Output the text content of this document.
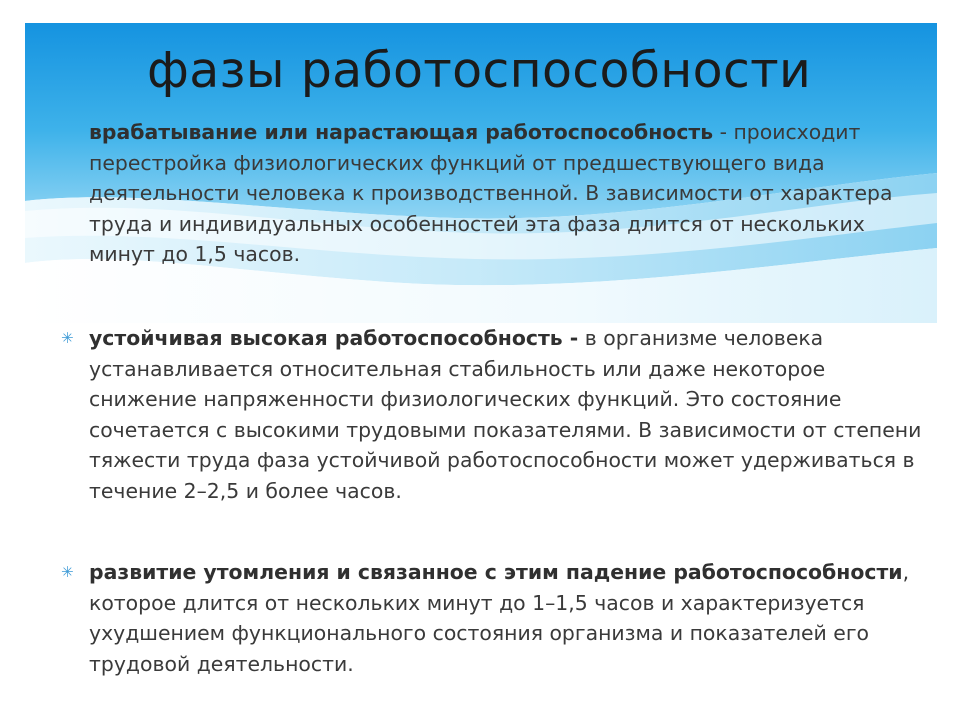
фазы работоспособности
врабатывание или нарастающая работоспособность - происходит перестройка физиологических функций от предшествующего вида деятельности человека к производственной. В зависимости от характера труда и индивидуальных особенностей эта фаза длится от нескольких минут до 1,5 часов.
✳ устойчивая высокая работоспособность - в организме человека устанавливается относительная стабильность или даже некоторое снижение напряженности физиологических функций. Это состояние сочетается с высокими трудовыми показателями. В зависимости от степени тяжести труда фаза устойчивой работоспособности может удерживаться в течение 2–2,5 и более часов.
✳ развитие утомления и связанное с этим падение работоспособности, которое длится от нескольких минут до 1–1,5 часов и характеризуется ухудшением функционального состояния организма и показателей его трудовой деятельности.
